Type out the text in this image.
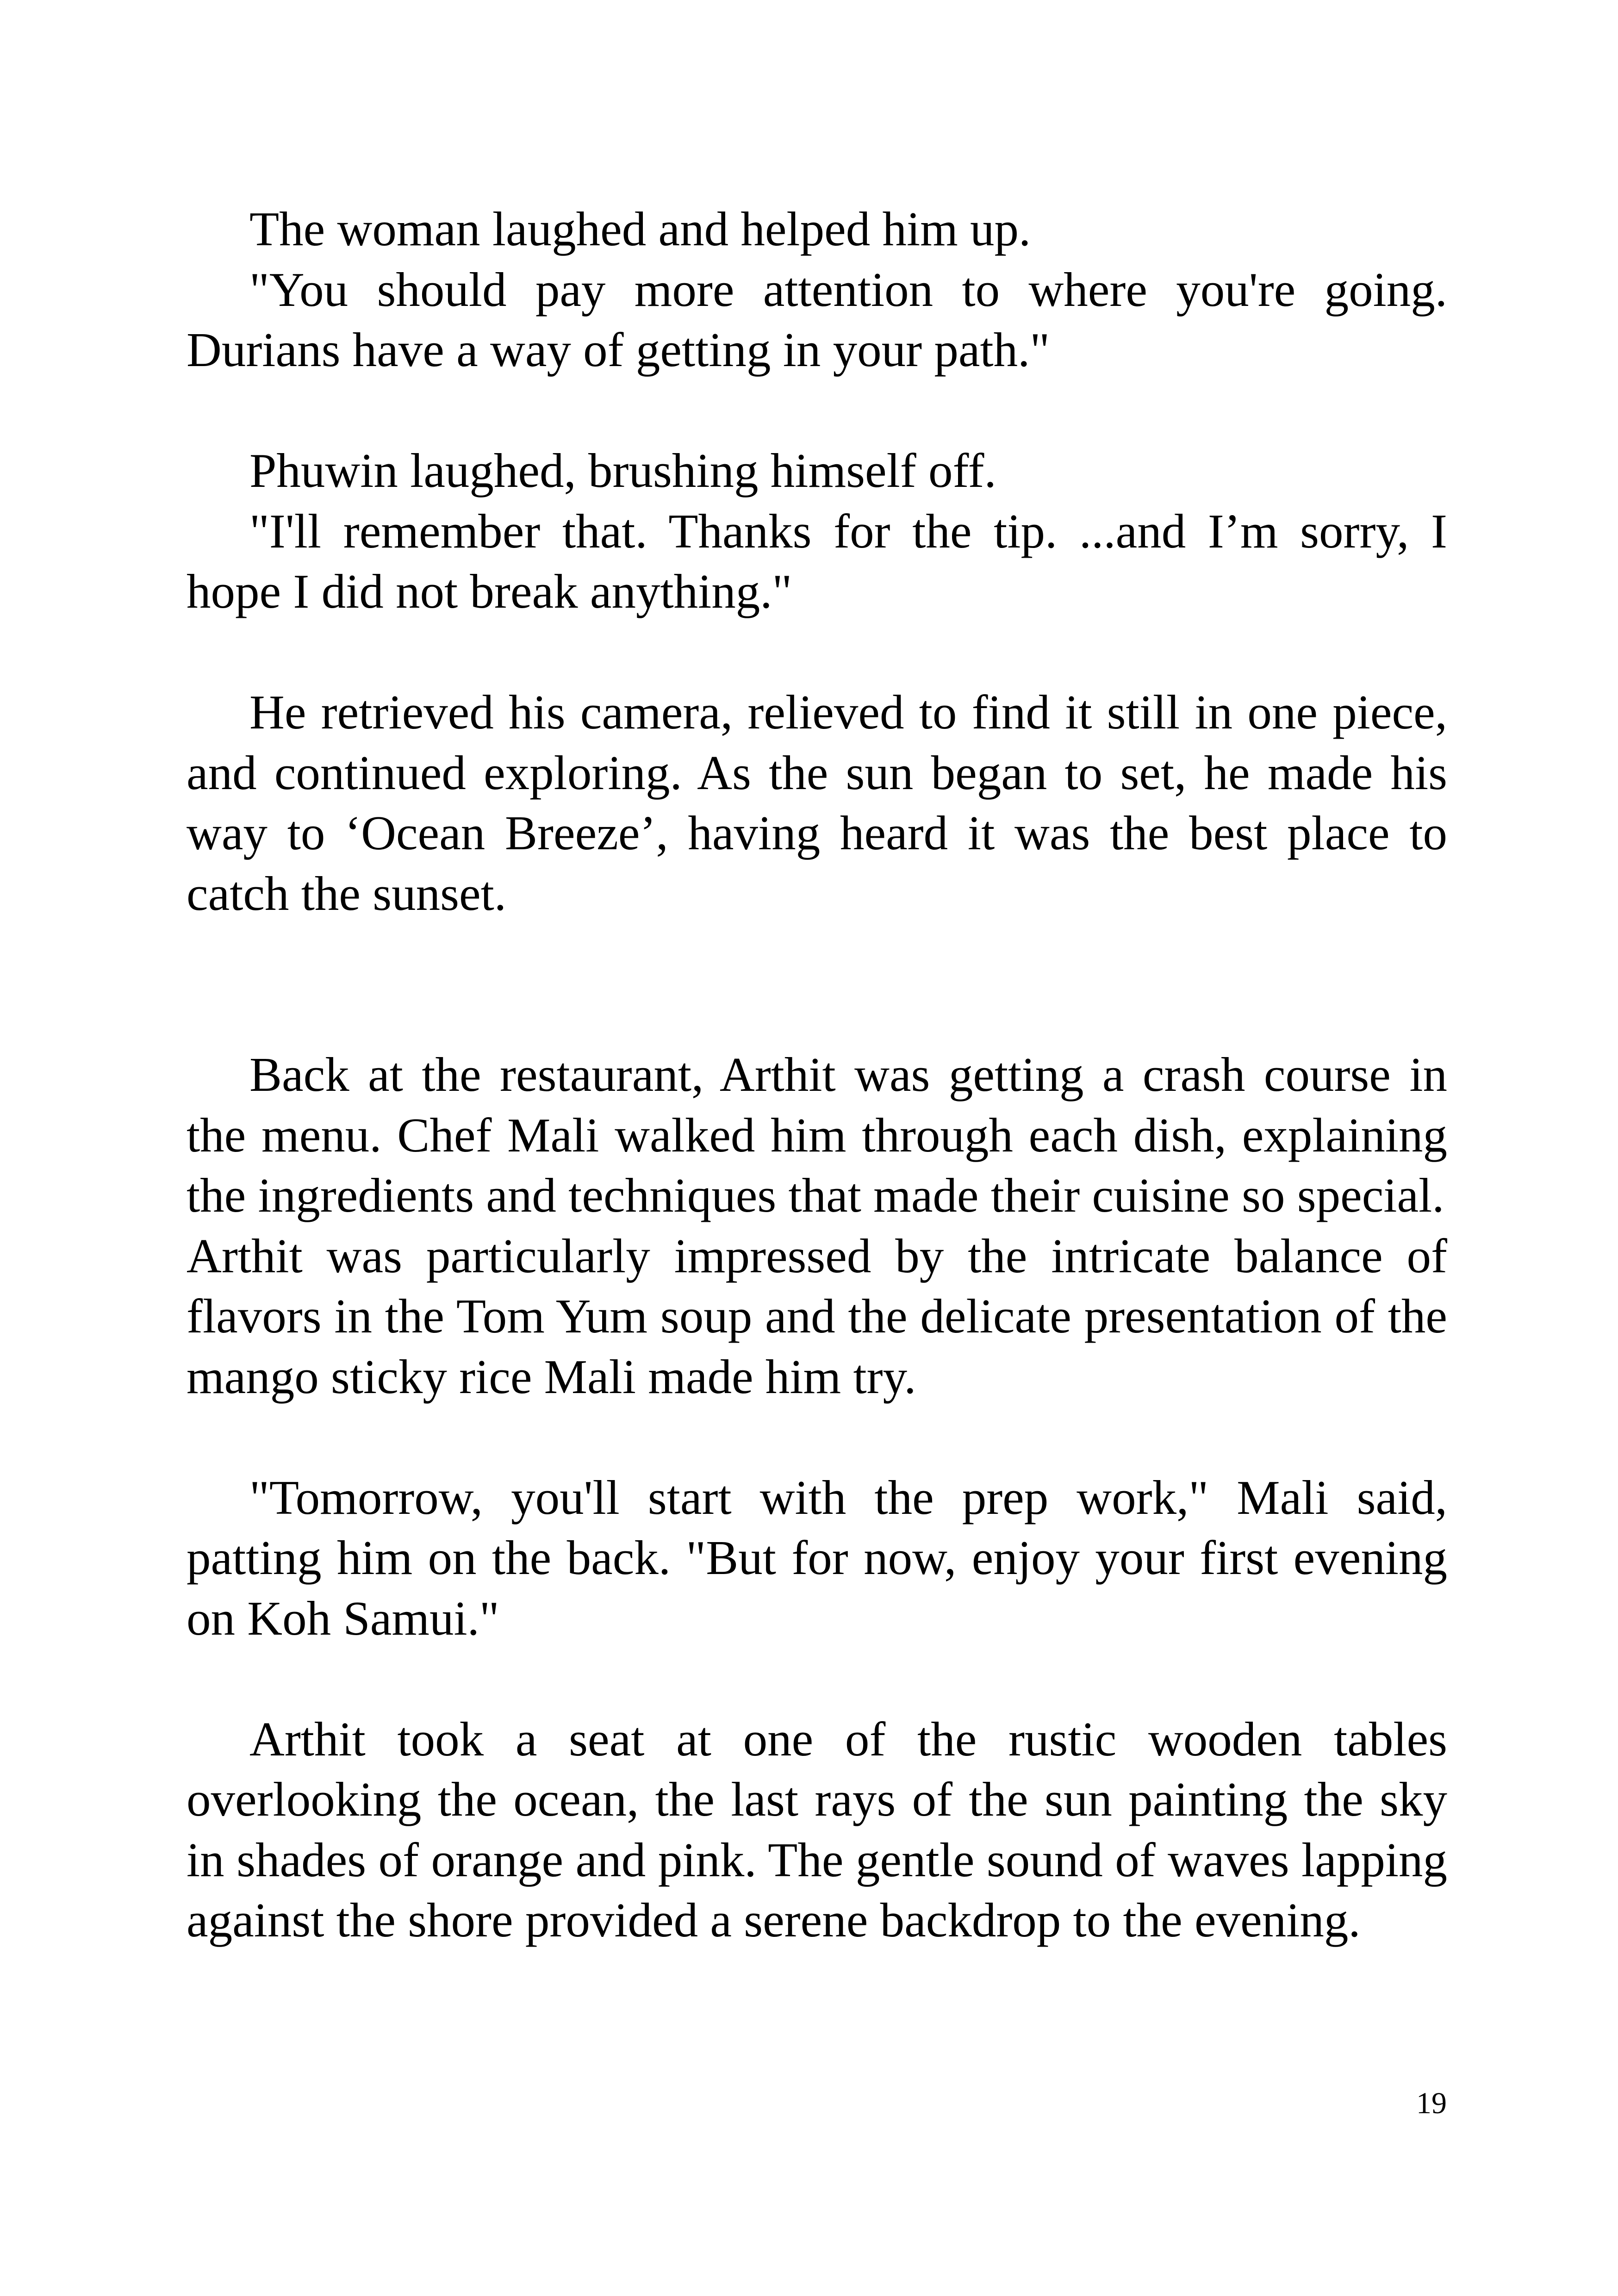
The woman laughed and helped him up.

"You should pay more attention to where you're going. Durians have a way of getting in your path."

Phuwin laughed, brushing himself off.

"I'll remember that. Thanks for the tip. ...and I’m sorry, I hope I did not break anything."

He retrieved his camera, relieved to find it still in one piece, and continued exploring. As the sun began to set, he made his way to ‘Ocean Breeze’, having heard it was the best place to catch the sunset.

Back at the restaurant, Arthit was getting a crash course in the menu. Chef Mali walked him through each dish, explaining the ingredients and techniques that made their cuisine so special.

Arthit was particularly impressed by the intricate balance of flavors in the Tom Yum soup and the delicate presentation of the mango sticky rice Mali made him try.

"Tomorrow, you'll start with the prep work," Mali said, patting him on the back. "But for now, enjoy your first evening on Koh Samui."

Arthit took a seat at one of the rustic wooden tables overlooking the ocean, the last rays of the sun painting the sky in shades of orange and pink. The gentle sound of waves lapping against the shore provided a serene backdrop to the evening.

19
